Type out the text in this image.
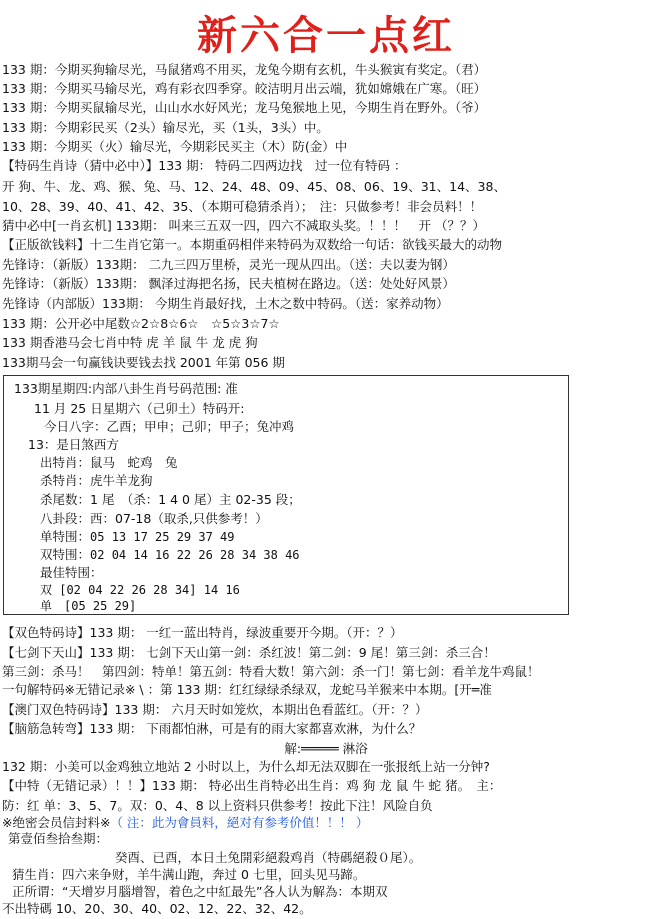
新六合一点红
133 期：今期买狗输尽光，马鼠猪鸡不用买，龙兔今期有玄机，牛头猴寅有奖定。（君）
133 期：今期买马输尽光，鸡有彩衣四季穿。皎洁明月出云端，犹如嫦娥在广寒。（旺）
133 期：今期买鼠输尽光，山山水水好风光；龙马兔猴地上见，今期生肖在野外。（爷）
133 期：今期彩民买（2头）输尽光，买（1头，3头）中。
133 期：今期买（火）输尽光，今期彩民买主（木）防(金）中
【特码生肖诗（猜中必中）】133 期： 特码二四两边找　过一位有特码 ：
开 狗、牛、龙、鸡、猴、兔、马、12、24、48、09、45、08、06、19、31、14、38、
10、28、39、40、41、42、35、（本期可稳猜杀肖）；　注：只做参考！非会员料！！
猜中必中[一肖玄机] 133期： 叫来三五双一四，四六不减取头奖。！！！　开 （？？）
【正版欲钱料】十二生肖它第一。本期重码相伴来特码为双数给一句话：欲钱买最大的动物
先锋诗：（新版）133期： 二九三四万里桥，灵光一现从四出。（送：夫以妻为钢）
先锋诗：（新版）133期： 飘泽过海把名扬，民夫植树在路边。（送：处处好风景）
先锋诗（内部版）133期： 今期生肖最好找，土木之数中特码。（送：家养动物）
133 期：公开必中尾数☆2☆8☆6☆　☆5☆3☆7☆
133 期香港马会七肖中特 虎 羊 鼠 牛 龙 虎 狗
133期马会一句赢钱诀要钱去找 2001 年第 056 期
133期星期四:内部八卦生肖号码范围: 准
11 月 25 日星期六（己卯土）特码开:
今日八字：乙酉；甲申；己卯；甲子；兔冲鸡
13：是日煞西方
出特肖：鼠马　蛇鸡　兔
杀特肖：虎牛羊龙狗
杀尾数：1 尾　（杀：1 4 0 尾）主 02-35 段；
八卦段：西：07-18（取杀,只供参考！）
单特围：05 13 17 25 29 37 49
双特围：02 04 14 16 22 26 28 34 38 46
最佳特围：
双 [02 04 22 26 28 34] 14 16
单　[05 25 29]
【双色特码诗】133 期： 一红一蓝出特肖，绿波重要开今期。（开：？）
【七剑下天山】133 期： 七剑下天山第一剑：杀红波！第二剑：9 尾！第三剑：杀三合！
第三剑：杀马！　第四剑：特单！第五剑：特看大数！第六剑：杀一门！第七剑：看羊龙牛鸡鼠！
一句解特码※无错记录※ \ ：第 133 期：红红绿绿杀绿双，龙蛇马羊猴来中本期。[开═准
【澳门双色特码诗】133 期： 六月天时如笼炊，本期出色看蓝红。（开：？）
【脑筋急转弯】133 期： 下雨都怕淋，可是有的雨大家都喜欢淋，为什么？
解:═════ 淋浴
132 期：小美可以金鸡独立地站 2 小时以上，为什么却无法双脚在一张报纸上站一分钟?
【中特（无错记录）！！】133 期： 特必出生肖特必出生肖：鸡 狗 龙 鼠 牛 蛇 猪。　主：
防：红 单：3、5、7。双：0、4、8 以上资料只供参考！按此下注！风险自负
※绝密会员信封料※（ 注：此为會員料，絕对有参考价值！！！ ）
第壹佰叁拾叁期：
癸酉、已酉，本日土兔開彩絕殺鸡肖（特碼絕殺０尾）。
猜生肖：四六来争财，羊牛满山跑，奔过 0 七里，回头见马蹄。
正所谓：“天增岁月腦增智，着色之中紅最先”各人认为解為：本期双
不出特碼 10、20、30、40、02、12、22、32、42。
